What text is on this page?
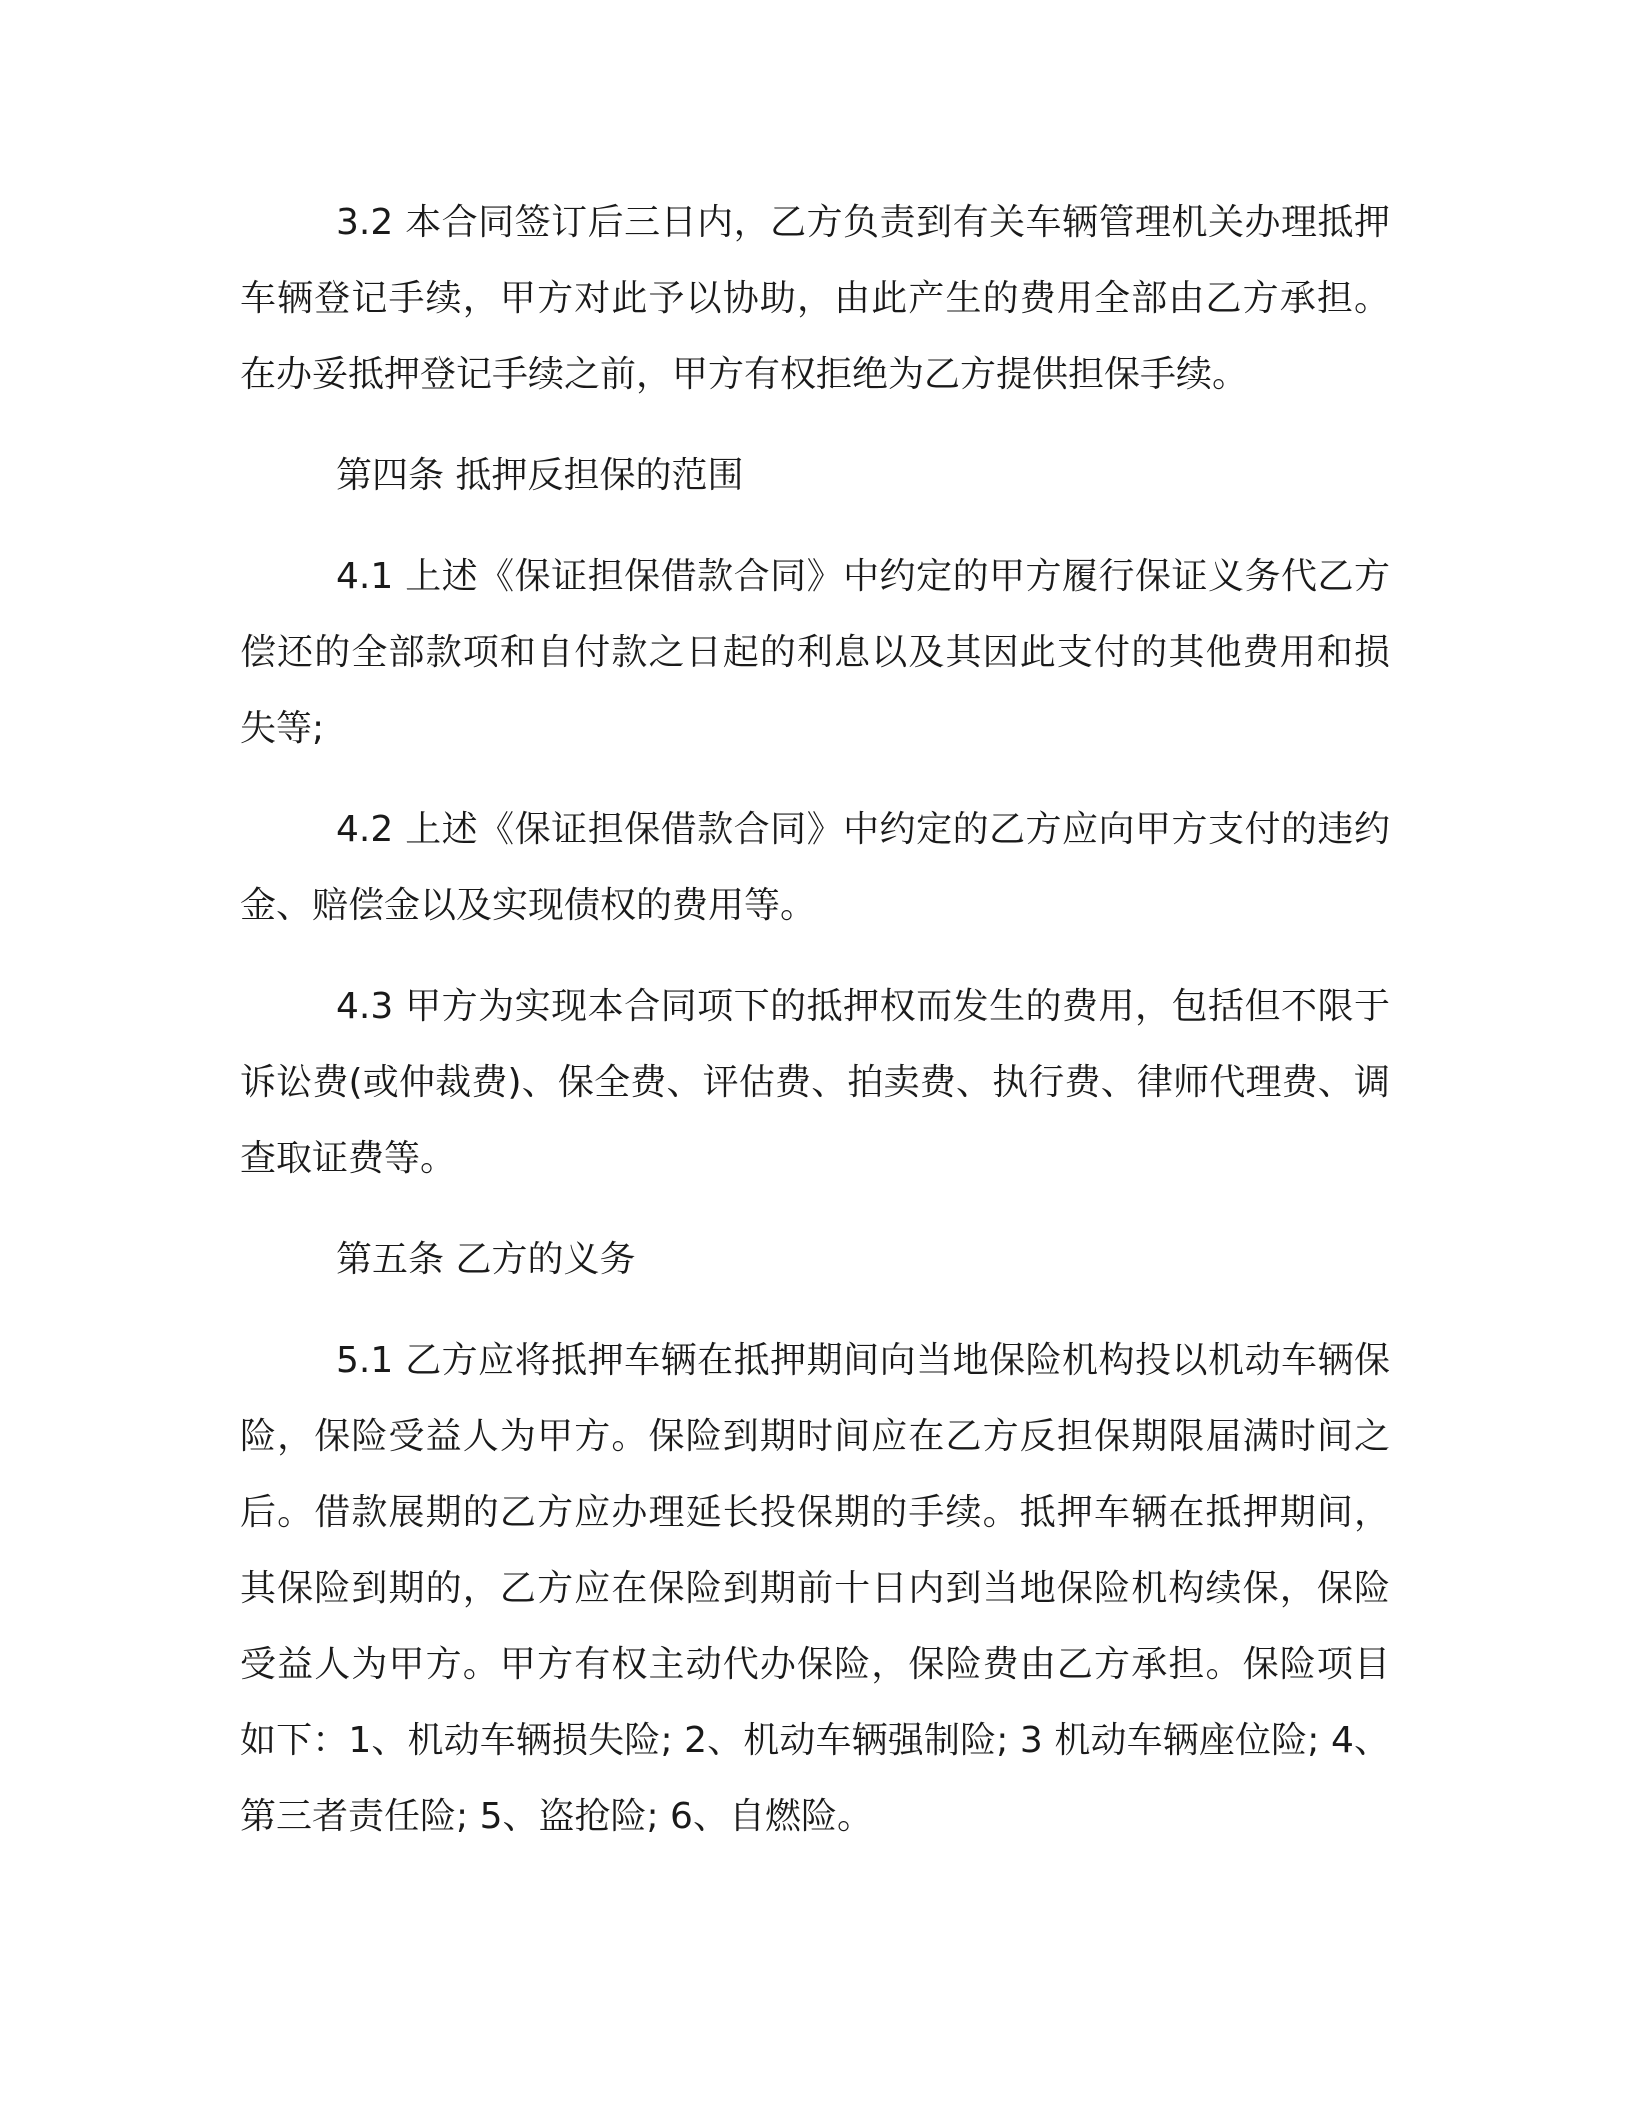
3.2 本合同签订后三日内，乙方负责到有关车辆管理机关办理抵押车辆登记手续，甲方对此予以协助，由此产生的费用全部由乙方承担。在办妥抵押登记手续之前，甲方有权拒绝为乙方提供担保手续。

第四条 抵押反担保的范围

4.1 上述《保证担保借款合同》中约定的甲方履行保证义务代乙方偿还的全部款项和自付款之日起的利息以及其因此支付的其他费用和损失等;

4.2 上述《保证担保借款合同》中约定的乙方应向甲方支付的违约金、赔偿金以及实现债权的费用等。

4.3 甲方为实现本合同项下的抵押权而发生的费用，包括但不限于诉讼费(或仲裁费)、保全费、评估费、拍卖费、执行费、律师代理费、调查取证费等。

第五条 乙方的义务

5.1 乙方应将抵押车辆在抵押期间向当地保险机构投以机动车辆保险，保险受益人为甲方。保险到期时间应在乙方反担保期限届满时间之后。借款展期的乙方应办理延长投保期的手续。抵押车辆在抵押期间，其保险到期的，乙方应在保险到期前十日内到当地保险机构续保，保险受益人为甲方。甲方有权主动代办保险，保险费由乙方承担。保险项目如下：1、机动车辆损失险; 2、机动车辆强制险; 3 机动车辆座位险; 4、第三者责任险; 5、盗抢险; 6、自燃险。
